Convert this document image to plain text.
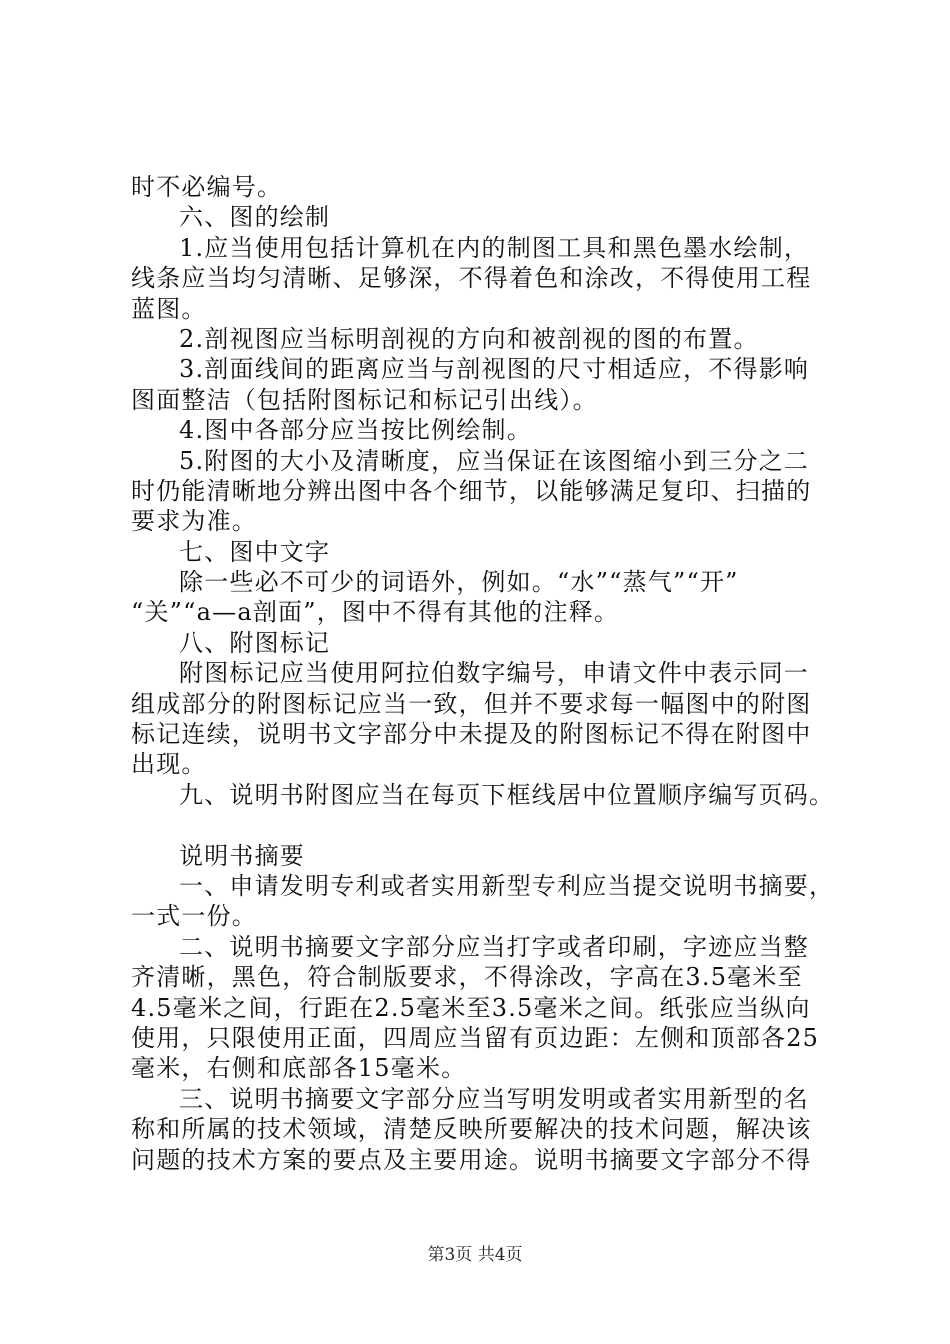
时不必编号。
六、图的绘制
1.应当使用包括计算机在内的制图工具和黑色墨水绘制，
线条应当均匀清晰、足够深，不得着色和涂改，不得使用工程
蓝图。
2.剖视图应当标明剖视的方向和被剖视的图的布置。
3.剖面线间的距离应当与剖视图的尺寸相适应，不得影响
图面整洁（包括附图标记和标记引出线）。
4.图中各部分应当按比例绘制。
5.附图的大小及清晰度，应当保证在该图缩小到三分之二
时仍能清晰地分辨出图中各个细节，以能够满足复印、扫描的
要求为准。
七、图中文字
除一些必不可少的词语外，例如。“水”“蒸气”“开”
“关”“a—a剖面”，图中不得有其他的注释。
八、附图标记
附图标记应当使用阿拉伯数字编号，申请文件中表示同一
组成部分的附图标记应当一致，但并不要求每一幅图中的附图
标记连续，说明书文字部分中未提及的附图标记不得在附图中
出现。
九、说明书附图应当在每页下框线居中位置顺序编写页码。
说明书摘要
一、申请发明专利或者实用新型专利应当提交说明书摘要，
一式一份。
二、说明书摘要文字部分应当打字或者印刷，字迹应当整
齐清晰，黑色，符合制版要求，不得涂改，字高在3.5毫米至
4.5毫米之间，行距在2.5毫米至3.5毫米之间。纸张应当纵向
使用，只限使用正面，四周应当留有页边距：左侧和顶部各25
毫米，右侧和底部各15毫米。
三、说明书摘要文字部分应当写明发明或者实用新型的名
称和所属的技术领域，清楚反映所要解决的技术问题，解决该
问题的技术方案的要点及主要用途。说明书摘要文字部分不得
第3页 共4页
